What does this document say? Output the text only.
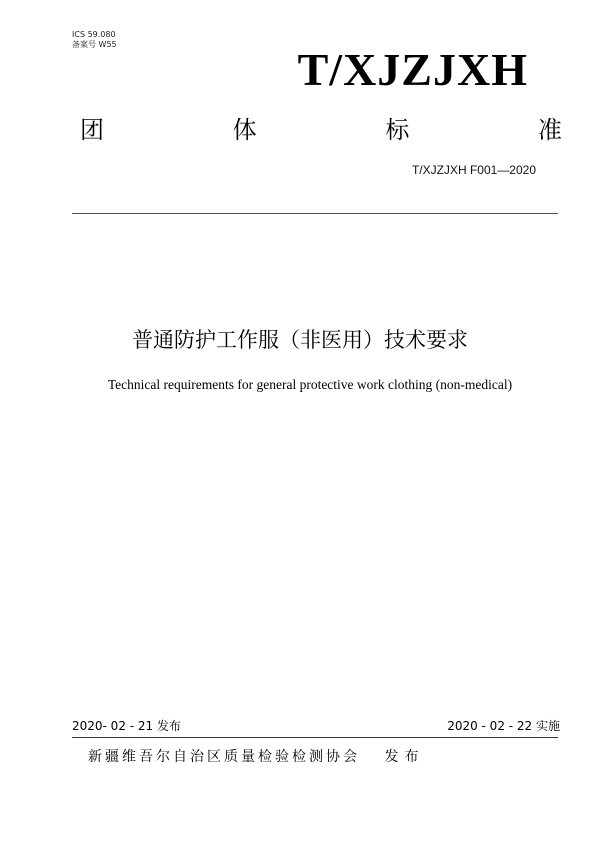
ICS 59.080
备案号 W55	T/XJZJXH
团	体	标	准
T/XJZJXH F001—2020
普通防护工作服（非医用）技术要求
Technical requirements for general protective work clothing (non-medical)
2020- 02 - 21 发布	2020 - 02 - 22 实施
新疆维吾尔自治区质量检验检测协会 发布
